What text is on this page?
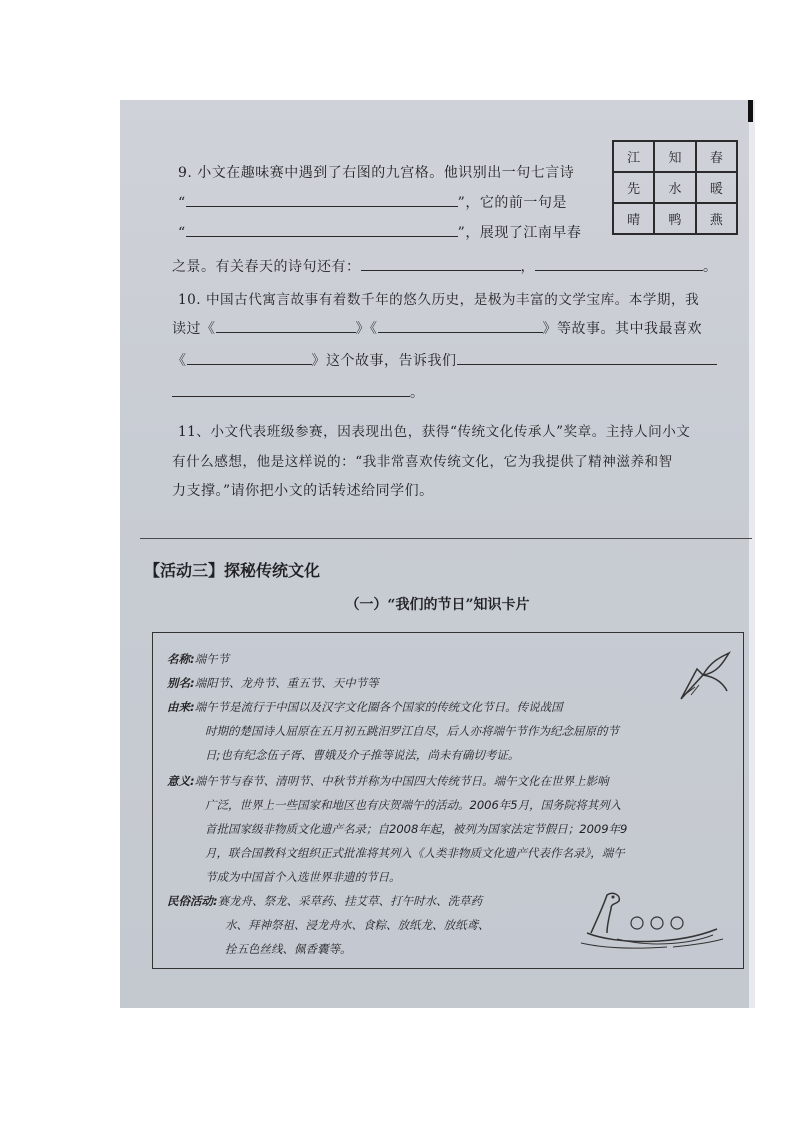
9. 小文在趣味赛中遇到了右图的九宫格。他识别出一句七言诗
“	”，它的前一句是
“	”，展现了江南早春
之景。有关春天的诗句还有：	，	。
江	知	春
先	水	暖
晴	鸭	燕
10. 中国古代寓言故事有着数千年的悠久历史，是极为丰富的文学宝库。本学期，我
读过《	》《	》等故事。其中我最喜欢
《	》这个故事，告诉我们
。
11、小文代表班级参赛，因表现出色，获得“传统文化传承人”奖章。主持人问小文
有什么感想，他是这样说的：“我非常喜欢传统文化，它为我提供了精神滋养和智
力支撑。”请你把小文的话转述给同学们。
【活动三】探秘传统文化
（一）“我们的节日”知识卡片
名称:端午节
别名:端阳节、龙舟节、重五节、天中节等
由来:端午节是流行于中国以及汉字文化圈各个国家的传统文化节日。传说战国
时期的楚国诗人屈原在五月初五跳汨罗江自尽，后人亦将端午节作为纪念屈原的节
日;也有纪念伍子胥、曹娥及介子推等说法，尚未有确切考证。
意义:端午节与春节、清明节、中秋节并称为中国四大传统节日。端午文化在世界上影响
广泛，世界上一些国家和地区也有庆贺端午的活动。2006年5月，国务院将其列入
首批国家级非物质文化遗产名录；自2008年起，被列为国家法定节假日；2009年9
月，联合国教科文组织正式批准将其列入《人类非物质文化遗产代表作名录》，端午
节成为中国首个入选世界非遗的节日。
民俗活动:赛龙舟、祭龙、采草药、挂艾草、打午时水、洗草药
水、拜神祭祖、浸龙舟水、食粽、放纸龙、放纸鸢、
拴五色丝线、佩香囊等。
